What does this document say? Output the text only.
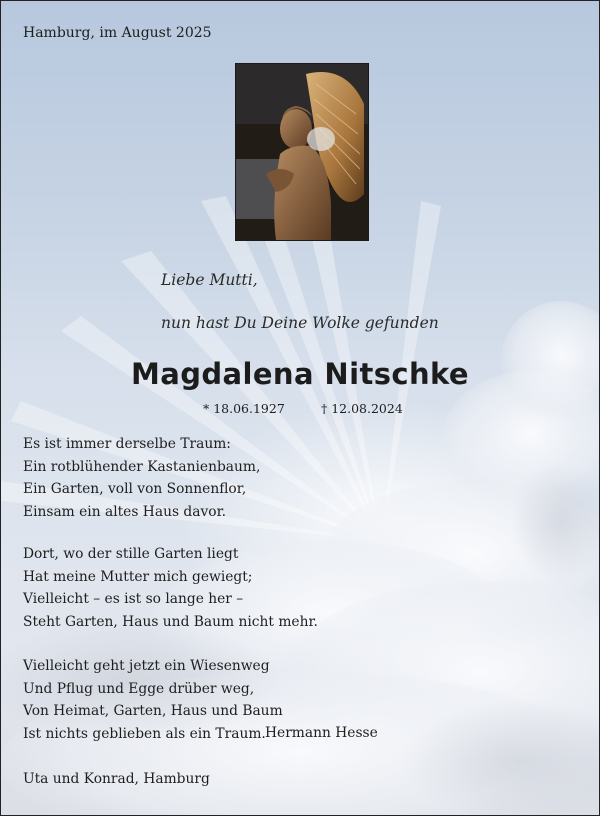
Hamburg, im August 2025
Liebe Mutti,
nun hast Du Deine Wolke gefunden
Magdalena Nitschke
* 18.06.1927	† 12.08.2024
Es ist immer derselbe Traum:
Ein rotblühender Kastanienbaum,
Ein Garten, voll von Sonnenflor,
Einsam ein altes Haus davor.
Dort, wo der stille Garten liegt
Hat meine Mutter mich gewiegt;
Vielleicht – es ist so lange her –
Steht Garten, Haus und Baum nicht mehr.
Vielleicht geht jetzt ein Wiesenweg
Und Pflug und Egge drüber weg,
Von Heimat, Garten, Haus und Baum
Ist nichts geblieben als ein Traum. Hermann Hesse
Uta und Konrad, Hamburg
